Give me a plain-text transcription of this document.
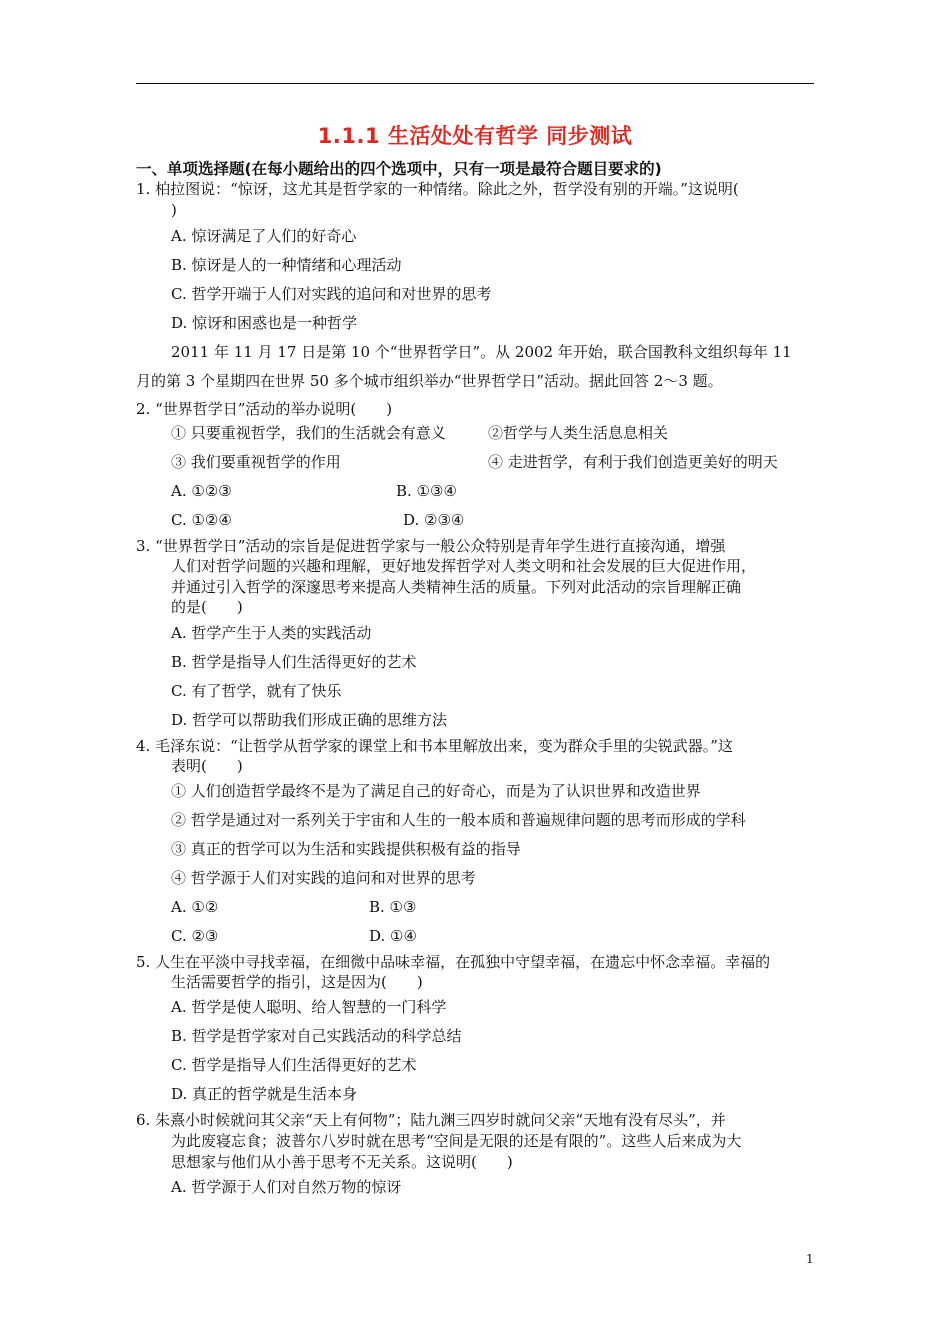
1.1.1 生活处处有哲学 同步测试
一、单项选择题(在每小题给出的四个选项中，只有一项是最符合题目要求的)
1. 柏拉图说：“惊讶，这尤其是哲学家的一种情绪。除此之外，哲学没有别的开端。”这说明(
)
A. 惊讶满足了人们的好奇心
B. 惊讶是人的一种情绪和心理活动
C. 哲学开端于人们对实践的追问和对世界的思考
D. 惊讶和困惑也是一种哲学
2011 年 11 月 17 日是第 10 个“世界哲学日”。从 2002 年开始，联合国教科文组织每年 11
月的第 3 个星期四在世界 50 多个城市组织举办“世界哲学日”活动。据此回答 2～3 题。
2. “世界哲学日”活动的举办说明(　　)
① 只要重视哲学，我们的生活就会有意义	②哲学与人类生活息息相关
③ 我们要重视哲学的作用	④ 走进哲学，有利于我们创造更美好的明天
A. ①②③	B. ①③④
C. ①②④	D. ②③④
3. “世界哲学日”活动的宗旨是促进哲学家与一般公众特别是青年学生进行直接沟通，增强
人们对哲学问题的兴趣和理解，更好地发挥哲学对人类文明和社会发展的巨大促进作用，
并通过引入哲学的深邃思考来提高人类精神生活的质量。下列对此活动的宗旨理解正确
的是(　　)
A. 哲学产生于人类的实践活动
B. 哲学是指导人们生活得更好的艺术
C. 有了哲学，就有了快乐
D. 哲学可以帮助我们形成正确的思维方法
4. 毛泽东说：“让哲学从哲学家的课堂上和书本里解放出来，变为群众手里的尖锐武器。”这
表明(　　)
① 人们创造哲学最终不是为了满足自己的好奇心，而是为了认识世界和改造世界
② 哲学是通过对一系列关于宇宙和人生的一般本质和普遍规律问题的思考而形成的学科
③ 真正的哲学可以为生活和实践提供积极有益的指导
④ 哲学源于人们对实践的追问和对世界的思考
A. ①②	B. ①③
C. ②③	D. ①④
5. 人生在平淡中寻找幸福，在细微中品味幸福，在孤独中守望幸福，在遗忘中怀念幸福。幸福的
生活需要哲学的指引，这是因为(　　)
A. 哲学是使人聪明、给人智慧的一门科学
B. 哲学是哲学家对自己实践活动的科学总结
C. 哲学是指导人们生活得更好的艺术
D. 真正的哲学就是生活本身
6. 朱熹小时候就问其父亲“天上有何物”；陆九渊三四岁时就问父亲“天地有没有尽头”，并
为此废寝忘食；波普尔八岁时就在思考“空间是无限的还是有限的”。这些人后来成为大
思想家与他们从小善于思考不无关系。这说明(　　)
A. 哲学源于人们对自然万物的惊讶
1
